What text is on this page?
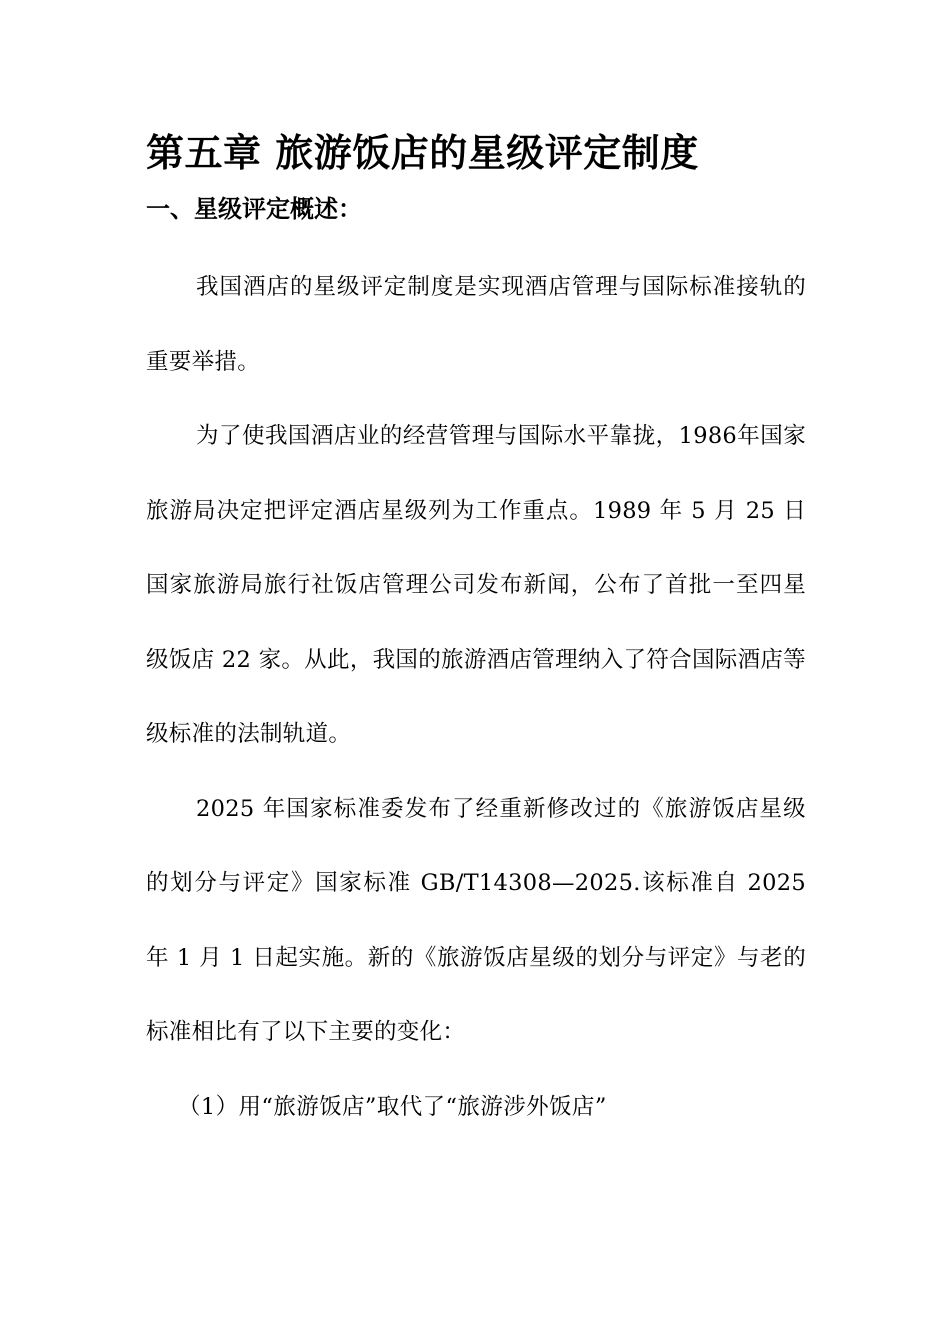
第五章 旅游饭店的星级评定制度
一、星级评定概述：

我国酒店的星级评定制度是实现酒店管理与国际标准接轨的重要举措。

为了使我国酒店业的经营管理与国际水平靠拢，1986年国家旅游局决定把评定酒店星级列为工作重点。1989 年 5 月 25 日国家旅游局旅行社饭店管理公司发布新闻，公布了首批一至四星级饭店 22 家。从此，我国的旅游酒店管理纳入了符合国际酒店等级标准的法制轨道。

2025 年国家标准委发布了经重新修改过的《旅游饭店星级的划分与评定》国家标准 GB/T14308—2025.该标准自 2025 年 1 月 1 日起实施。新的《旅游饭店星级的划分与评定》与老的标准相比有了以下主要的变化：

（1）用“旅游饭店”取代了“旅游涉外饭店”
